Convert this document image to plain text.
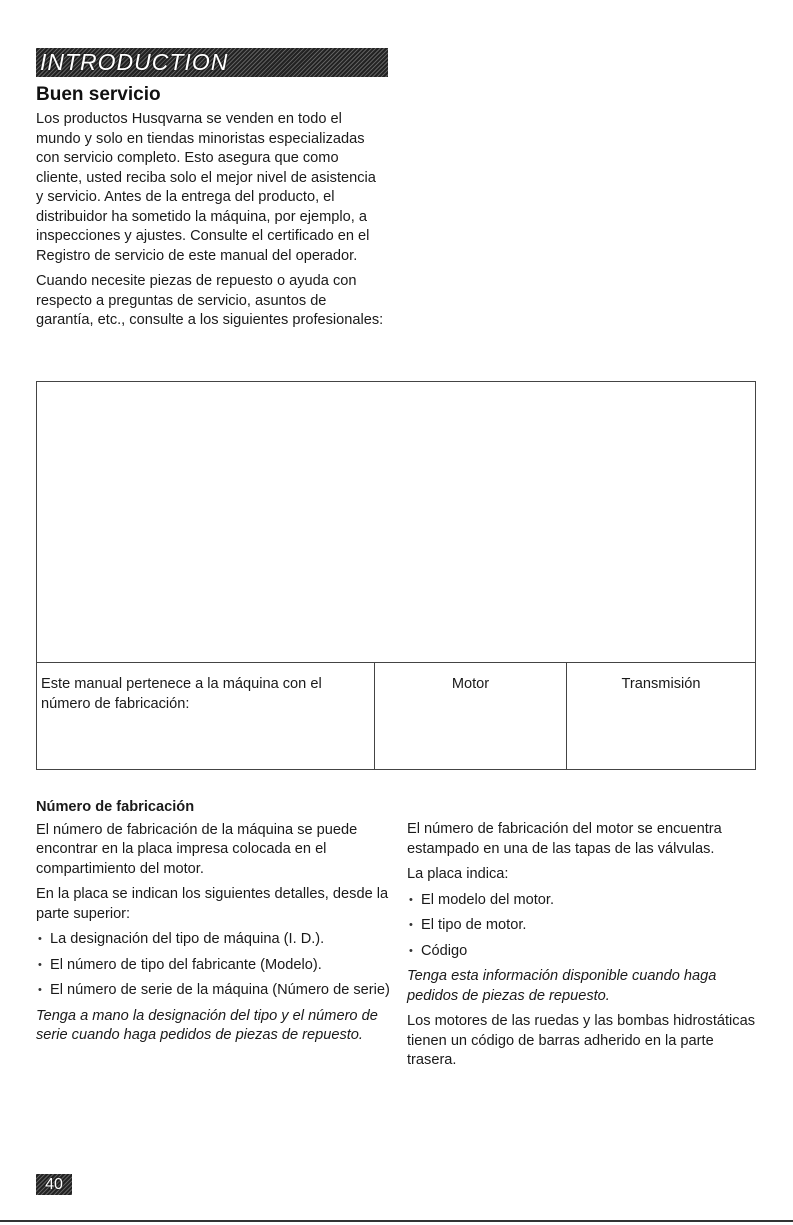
INTRODUCTION
Buen servicio

Los productos Husqvarna se venden en todo el mundo y solo en tiendas minoristas especializadas con servicio completo. Esto asegura que como cliente, usted reciba solo el mejor nivel de asistencia y servicio. Antes de la entrega del producto, el distribuidor ha sometido la máquina, por ejemplo, a inspecciones y ajustes. Consulte el certificado en el Registro de servicio de este manual del operador.

Cuando necesite piezas de repuesto o ayuda con respecto a preguntas de servicio, asuntos de garantía, etc., consulte a los siguientes profesionales:

Este manual pertenece a la máquina con el número de fabricación:
Motor	Transmisión
Número de fabricación

El número de fabricación de la máquina se puede encontrar en la placa impresa colocada en el compartimiento del motor.

En la placa se indican los siguientes detalles, desde la parte superior:

• La designación del tipo de máquina (I. D.).
• El número de tipo del fabricante (Modelo).
• El número de serie de la máquina (Número de serie)

Tenga a mano la designación del tipo y el número de serie cuando haga pedidos de piezas de repuesto.

El número de fabricación del motor se encuentra estampado en una de las tapas de las válvulas.

La placa indica:

• El modelo del motor.
• El tipo de motor.
• Código

Tenga esta información disponible cuando haga pedidos de piezas de repuesto.

Los motores de las ruedas y las bombas hidrostáticas tienen un código de barras adherido en la parte trasera.

40
